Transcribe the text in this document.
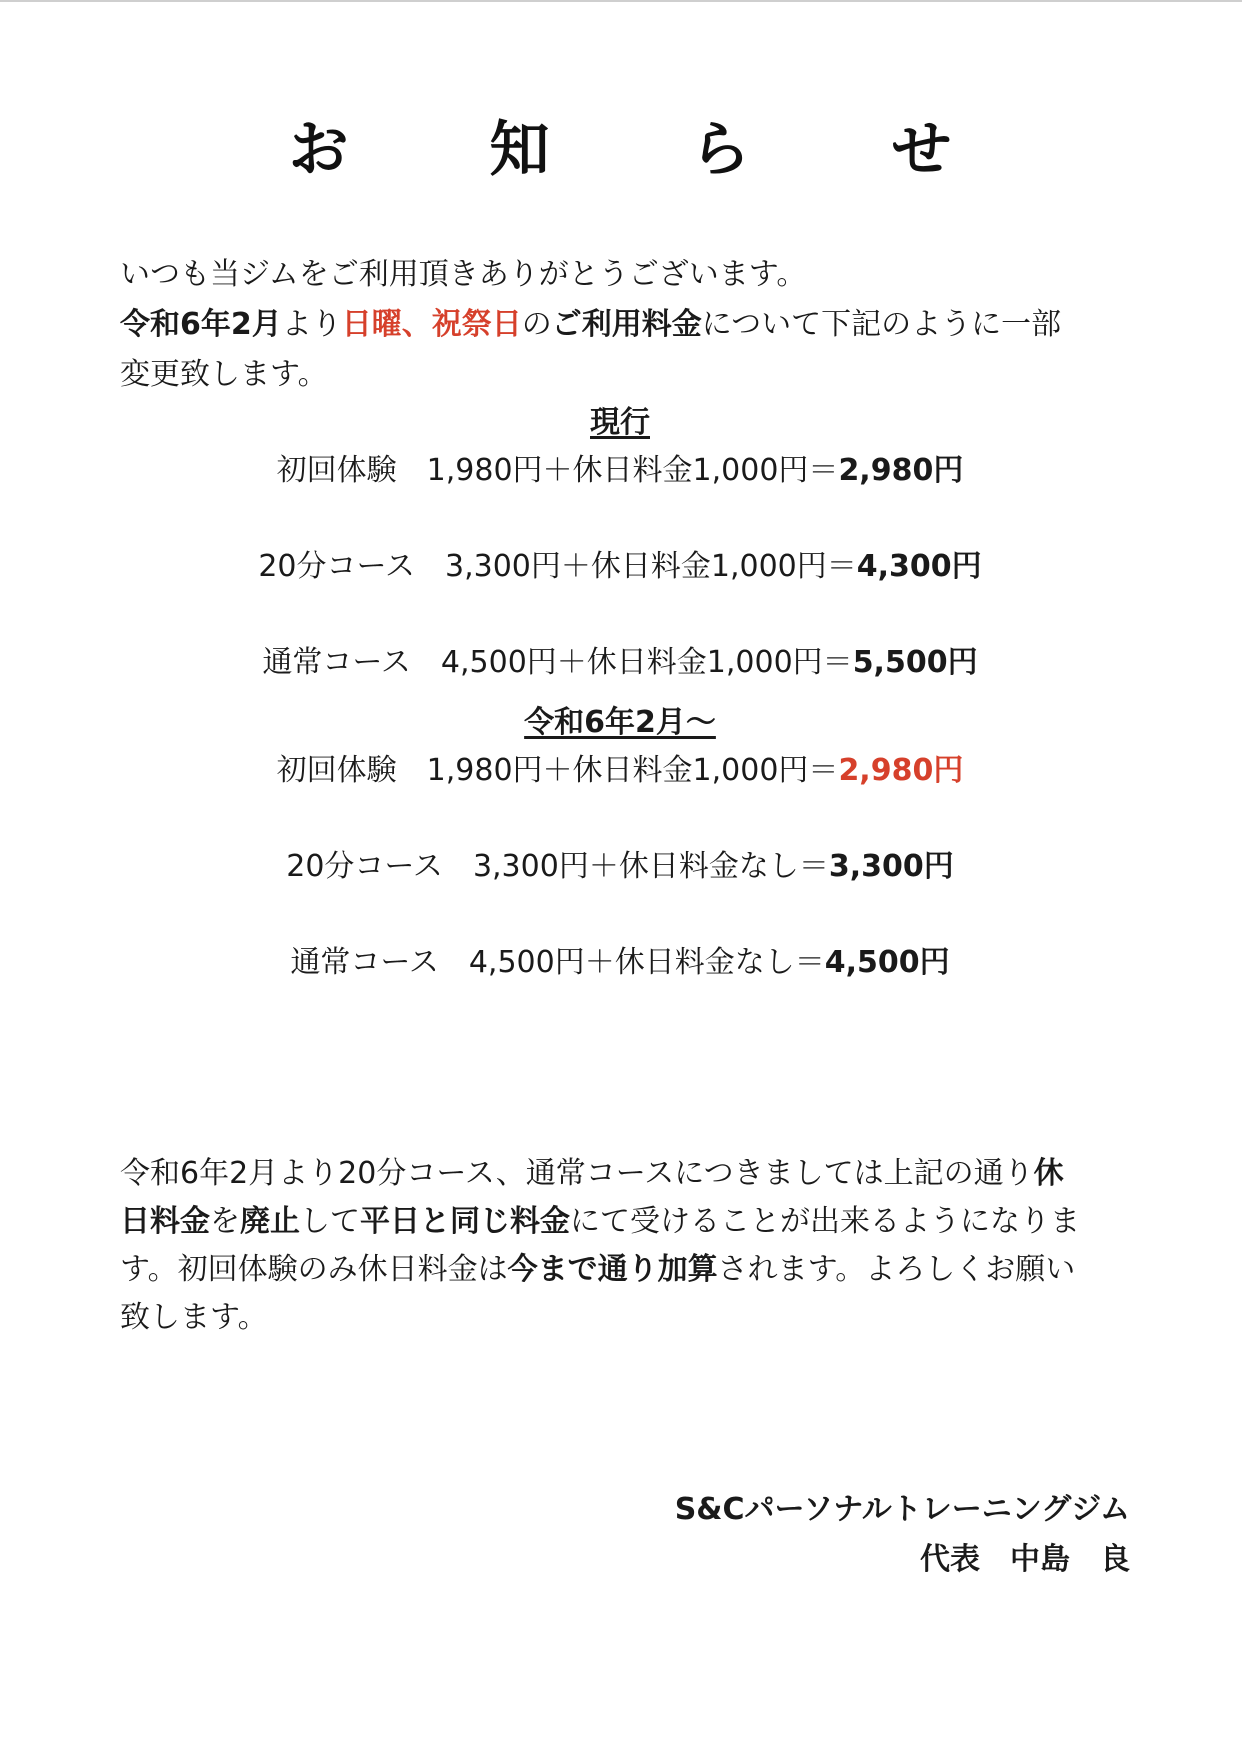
お 知 ら せ

いつも当ジムをご利用頂きありがとうございます。

令和6年2月より日曜、祝祭日のご利用料金について下記のように一部

変更致します。

現行
初回体験 1,980円＋休日料金1,000円＝2,980円
20分コース 3,300円＋休日料金1,000円＝4,300円
通常コース 4,500円＋休日料金1,000円＝5,500円
令和6年2月〜
初回体験 1,980円＋休日料金1,000円＝2,980円
20分コース 3,300円＋休日料金なし＝3,300円
通常コース 4,500円＋休日料金なし＝4,500円

令和6年2月より20分コース、通常コースにつきましては上記の通り休

日料金を廃止して平日と同じ料金にて受けることが出来るようになりま

す。初回体験のみ休日料金は今まで通り加算されます。よろしくお願い

致します。

S&Cパーソナルトレーニングジム
代表　中島　良
